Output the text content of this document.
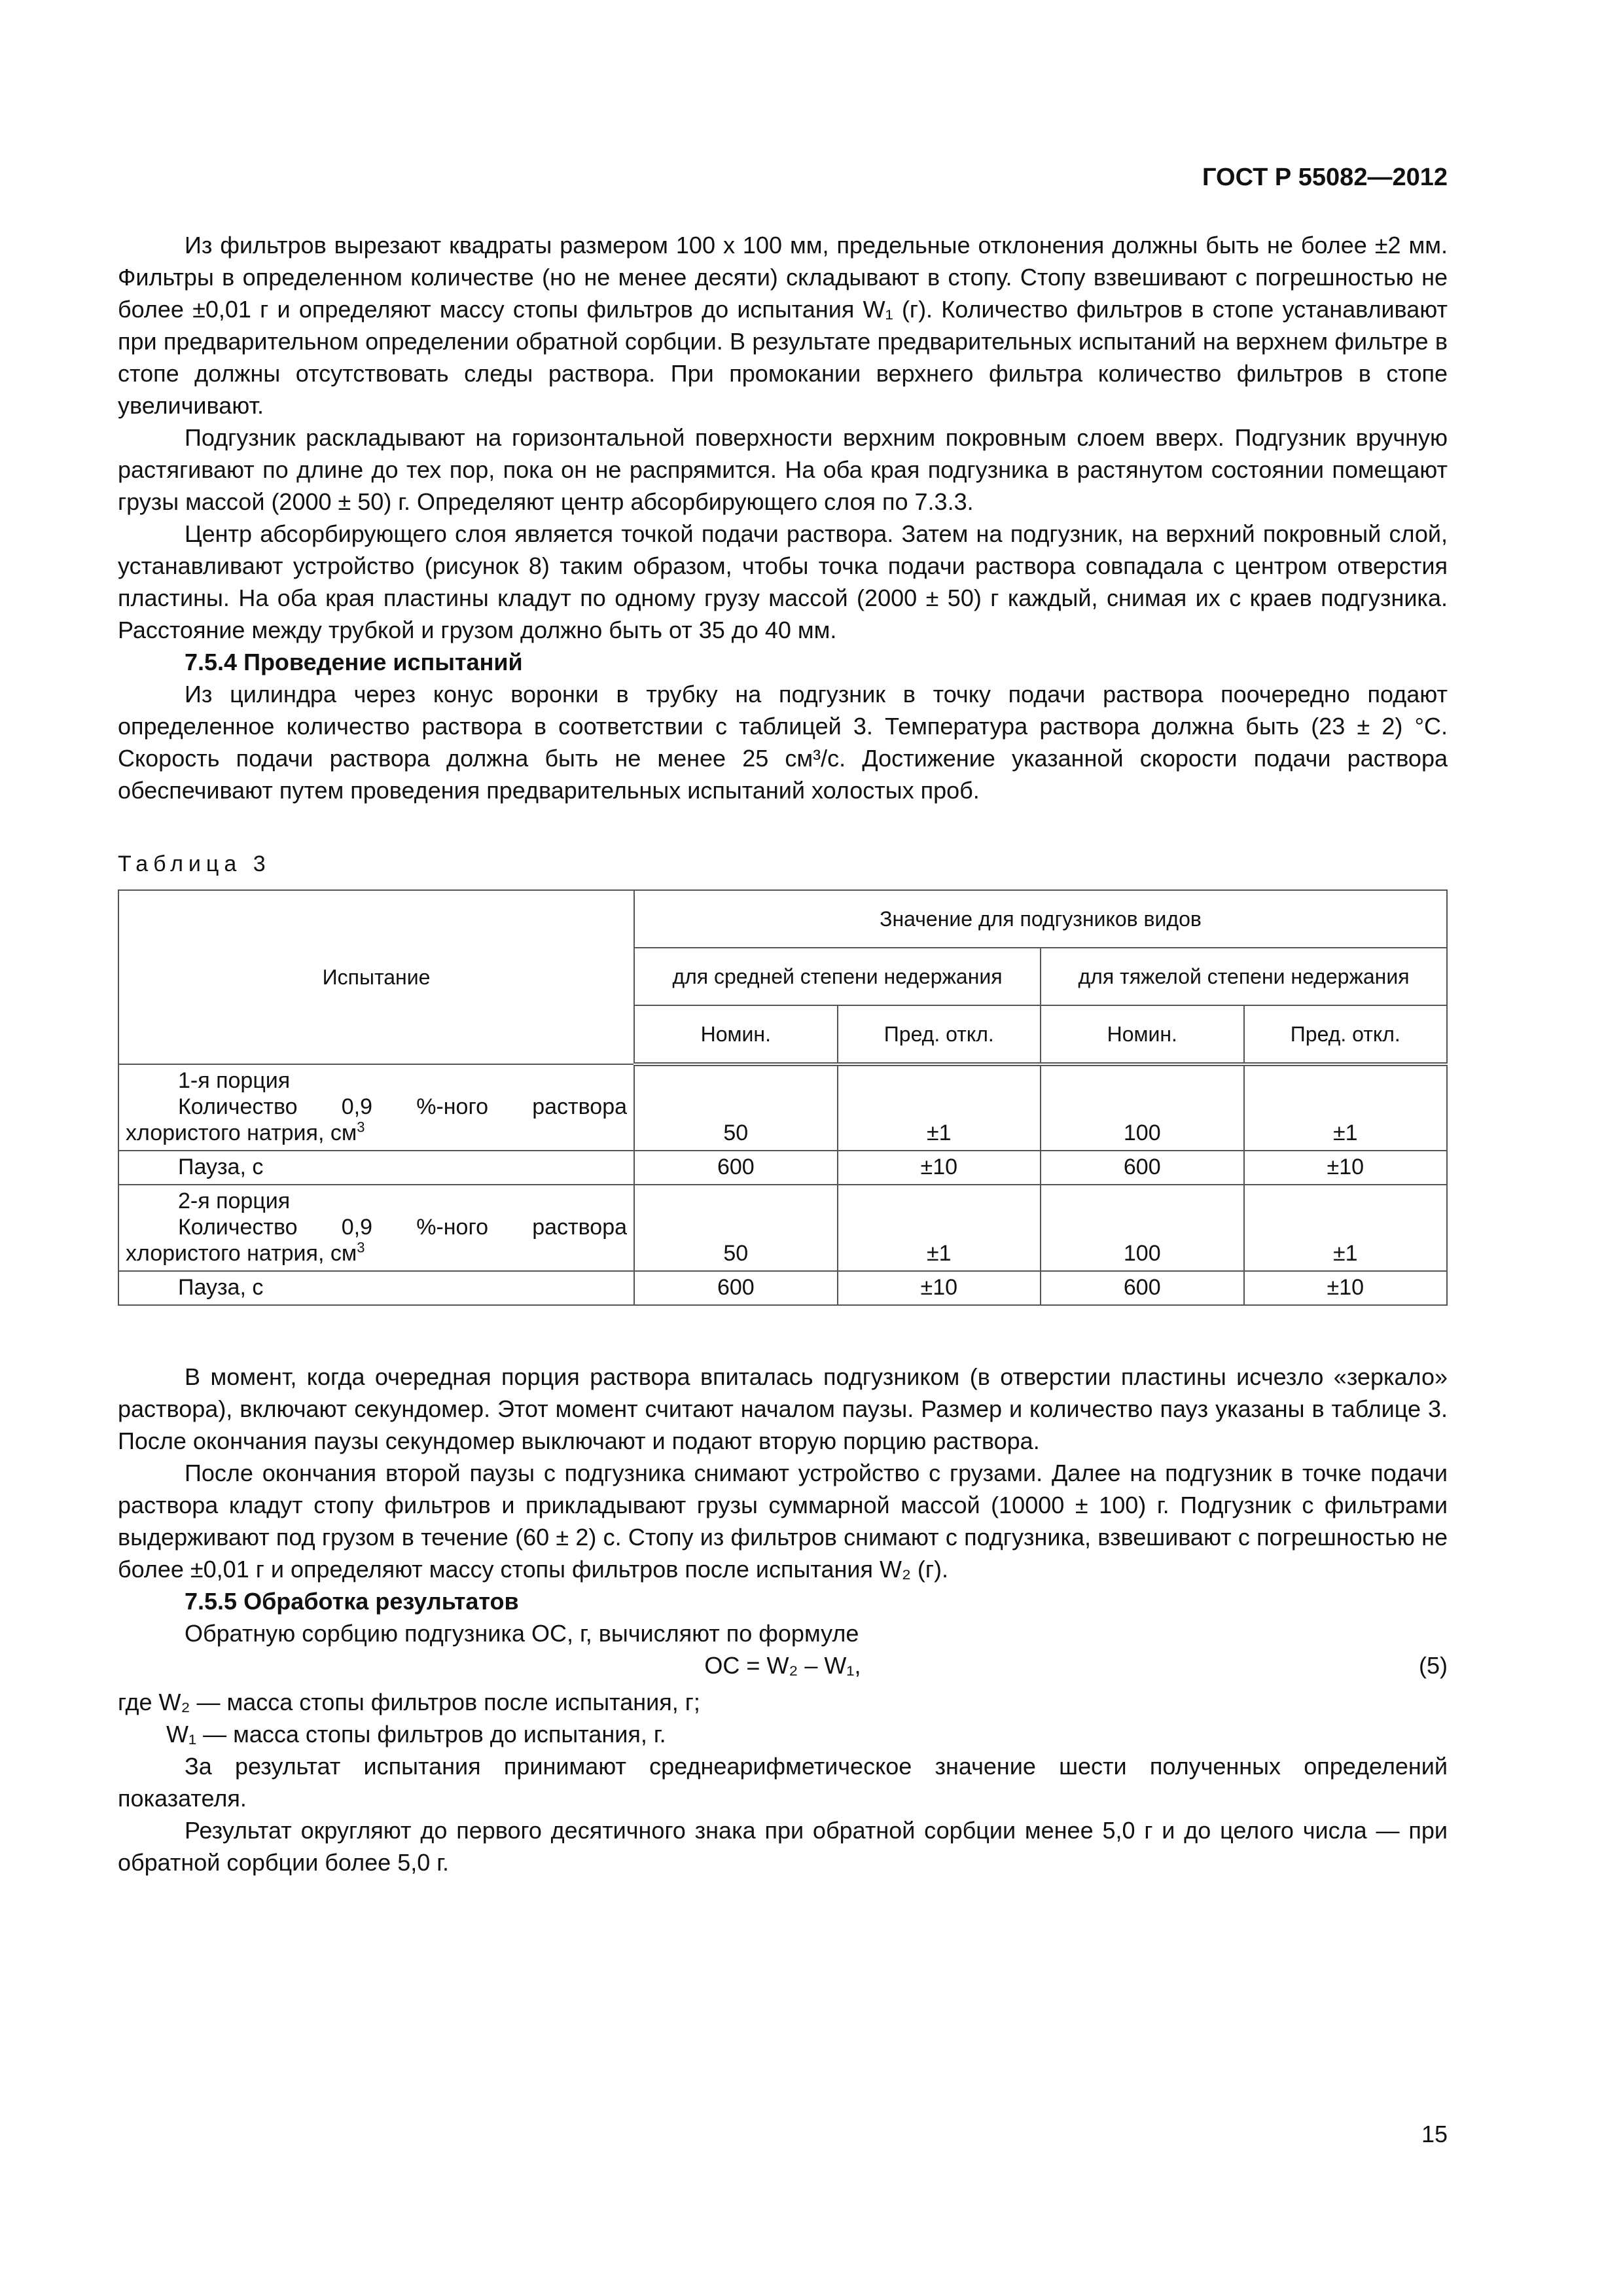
ГОСТ Р 55082—2012

Из фильтров вырезают квадраты размером 100 х 100 мм, предельные отклонения должны быть не более ±2 мм. Фильтры в определенном количестве (но не менее десяти) складывают в стопу. Стопу взвешивают с погрешностью не более ±0,01 г и определяют массу стопы фильтров до испытания W₁ (г). Количество фильтров в стопе устанавливают при предварительном определении обратной сорбции. В результате предварительных испытаний на верхнем фильтре в стопе должны отсутствовать следы раствора. При промокании верхнего фильтра количество фильтров в стопе увеличивают.

Подгузник раскладывают на горизонтальной поверхности верхним покровным слоем вверх. Подгузник вручную растягивают по длине до тех пор, пока он не распрямится. На оба края подгузника в растянутом состоянии помещают грузы массой (2000 ± 50) г. Определяют центр абсорбирующего слоя по 7.3.3.

Центр абсорбирующего слоя является точкой подачи раствора. Затем на подгузник, на верхний покровный слой, устанавливают устройство (рисунок 8) таким образом, чтобы точка подачи раствора совпадала с центром отверстия пластины. На оба края пластины кладут по одному грузу массой (2000 ± 50) г каждый, снимая их с краев подгузника. Расстояние между трубкой и грузом должно быть от 35 до 40 мм.

7.5.4 Проведение испытаний

Из цилиндра через конус воронки в трубку на подгузник в точку подачи раствора поочередно подают определенное количество раствора в соответствии с таблицей 3. Температура раствора должна быть (23 ± 2) °С. Скорость подачи раствора должна быть не менее 25 см³/с. Достижение указанной скорости подачи раствора обеспечивают путем проведения предварительных испытаний холостых проб.

Таблица 3

Испытание	Значение для подгузников видов			
	для средней степени недержания		для тяжелой степени недержания	
	Номин.	Пред. откл.	Номин.	Пред. откл.

1-я порция
Количество 0,9 %-ного раствора хлористого натрия, $см^3$	50	±1	100	±1

Пауза, с	600	±10	600	±10

2-я порция
Количество 0,9 %-ного раствора хлористого натрия, $см^3$	50	±1	100	±1

Пауза, с	600	±10	600	±10

В момент, когда очередная порция раствора впиталась подгузником (в отверстии пластины исчезло «зеркало» раствора), включают секундомер. Этот момент считают началом паузы. Размер и количество пауз указаны в таблице 3. После окончания паузы секундомер выключают и подают вторую порцию раствора.

После окончания второй паузы с подгузника снимают устройство с грузами. Далее на подгузник в точке подачи раствора кладут стопу фильтров и прикладывают грузы суммарной массой (10000 ± 100) г. Подгузник с фильтрами выдерживают под грузом в течение (60 ± 2) с. Стопу из фильтров снимают с подгузника, взвешивают с погрешностью не более ±0,01 г и определяют массу стопы фильтров после испытания W₂ (г).

7.5.5 Обработка результатов

Обратную сорбцию подгузника ОС, г, вычисляют по формуле

ОС = W₂ – W₁,	(5)

где W₂ — масса стопы фильтров после испытания, г;

W₁ — масса стопы фильтров до испытания, г.

За результат испытания принимают среднеарифметическое значение шести полученных определений показателя.

Результат округляют до первого десятичного знака при обратной сорбции менее 5,0 г и до целого числа — при обратной сорбции более 5,0 г.

15
